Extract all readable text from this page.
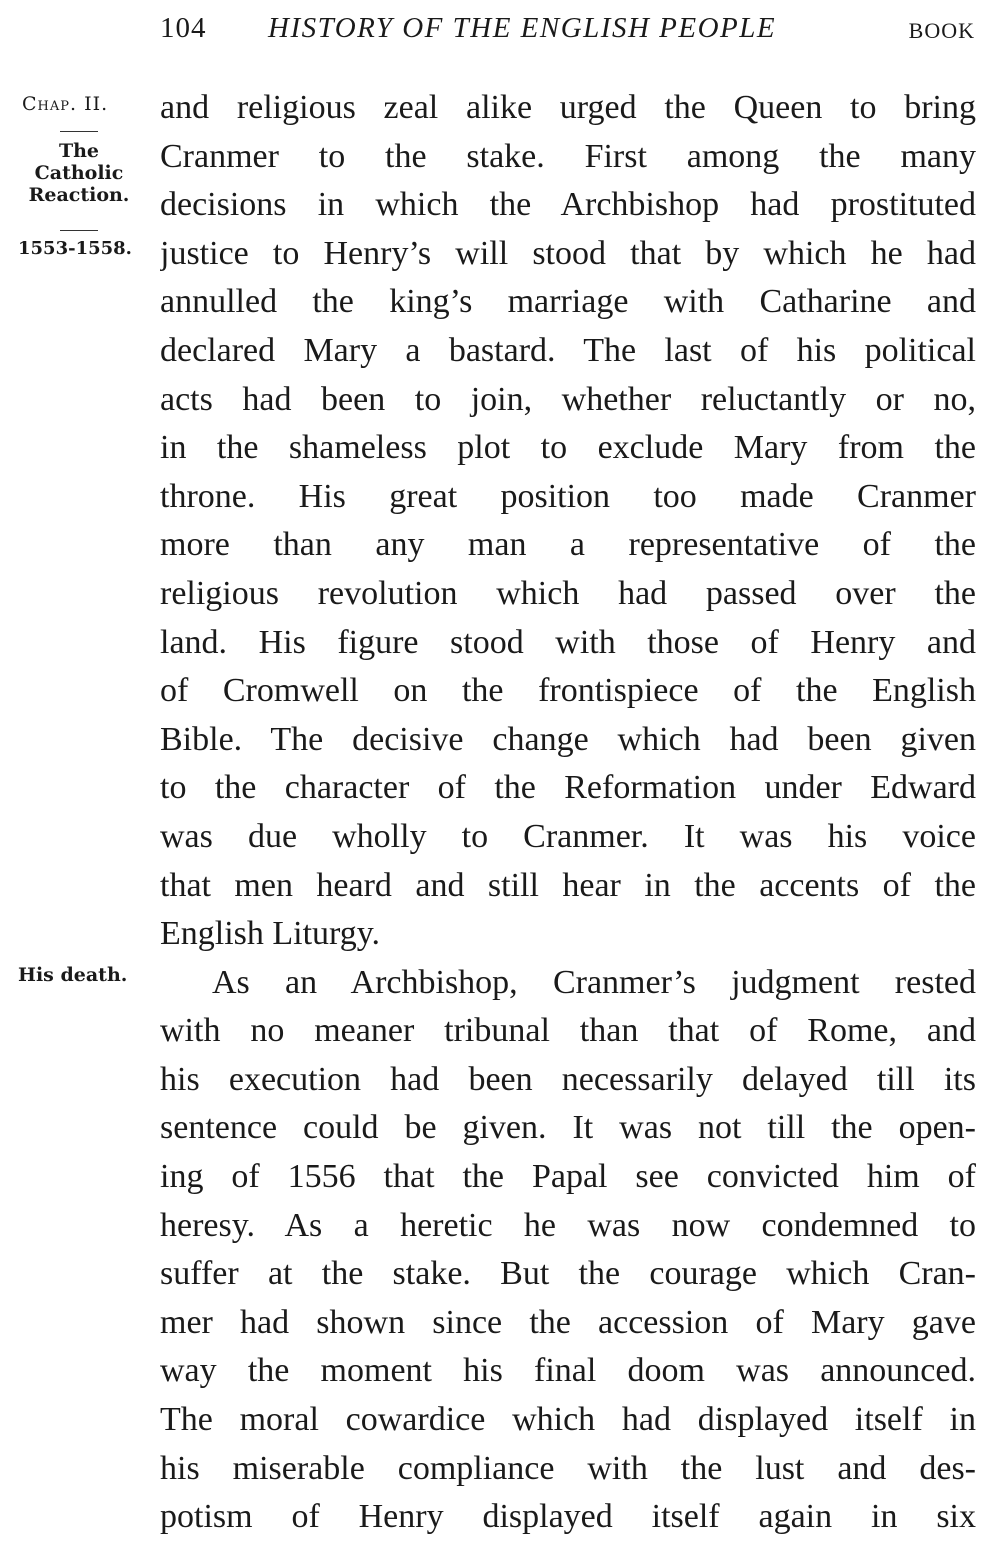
104 HISTORY OF THE ENGLISH PEOPLE	BOOK
Chap. II.
The
Catholic
Reaction.
1553-1558.
His death.
and religious zeal alike urged the Queen to bring
Cranmer to the stake. First among the many
decisions in which the Archbishop had prostituted
justice to Henry’s will stood that by which he had
annulled the king’s marriage with Catharine and
declared Mary a bastard. The last of his political
acts had been to join, whether reluctantly or no,
in the shameless plot to exclude Mary from the
throne. His great position too made Cranmer
more than any man a representative of the
religious revolution which had passed over the
land. His figure stood with those of Henry and
of Cromwell on the frontispiece of the English
Bible. The decisive change which had been given
to the character of the Reformation under Edward
was due wholly to Cranmer. It was his voice
that men heard and still hear in the accents of the
English Liturgy.
As an Archbishop, Cranmer’s judgment rested
with no meaner tribunal than that of Rome, and
his execution had been necessarily delayed till its
sentence could be given. It was not till the open-
ing of 1556 that the Papal see convicted him of
heresy. As a heretic he was now condemned to
suffer at the stake. But the courage which Cran-
mer had shown since the accession of Mary gave
way the moment his final doom was announced.
The moral cowardice which had displayed itself in
his miserable compliance with the lust and des-
potism of Henry displayed itself again in six
